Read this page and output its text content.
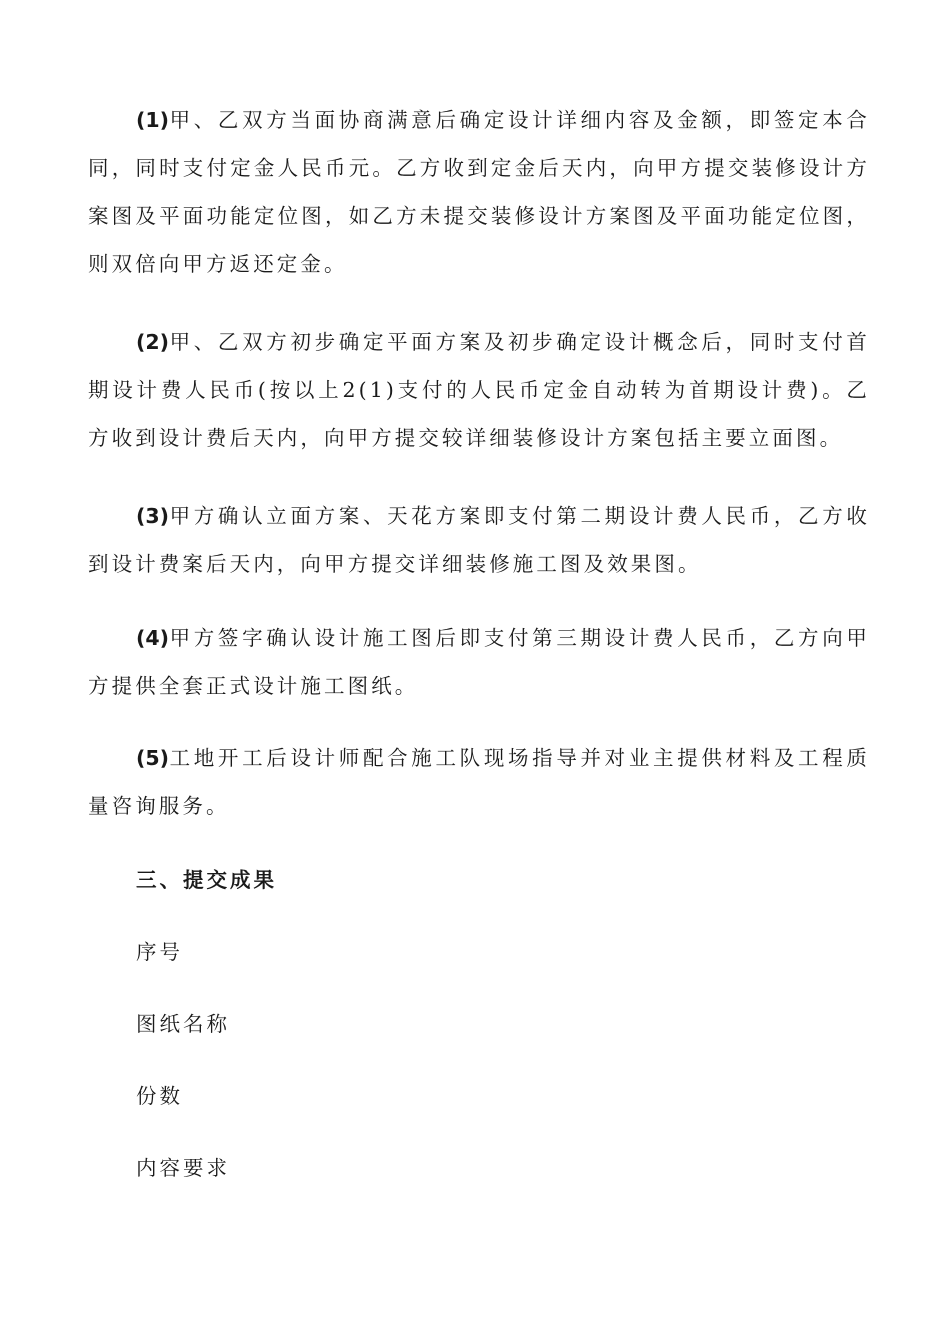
(1)甲、乙双方当面协商满意后确定设计详细内容及金额，即签定本合同，同时支付定金人民币元。乙方收到定金后天内，向甲方提交装修设计方案图及平面功能定位图，如乙方未提交装修设计方案图及平面功能定位图，则双倍向甲方返还定金。

(2)甲、乙双方初步确定平面方案及初步确定设计概念后，同时支付首期设计费人民币(按以上2(1)支付的人民币定金自动转为首期设计费)。乙方收到设计费后天内，向甲方提交较详细装修设计方案包括主要立面图。

(3)甲方确认立面方案、天花方案即支付第二期设计费人民币，乙方收到设计费案后天内，向甲方提交详细装修施工图及效果图。

(4)甲方签字确认设计施工图后即支付第三期设计费人民币，乙方向甲方提供全套正式设计施工图纸。

(5)工地开工后设计师配合施工队现场指导并对业主提供材料及工程质量咨询服务。

三、提交成果

序号

图纸名称

份数

内容要求
